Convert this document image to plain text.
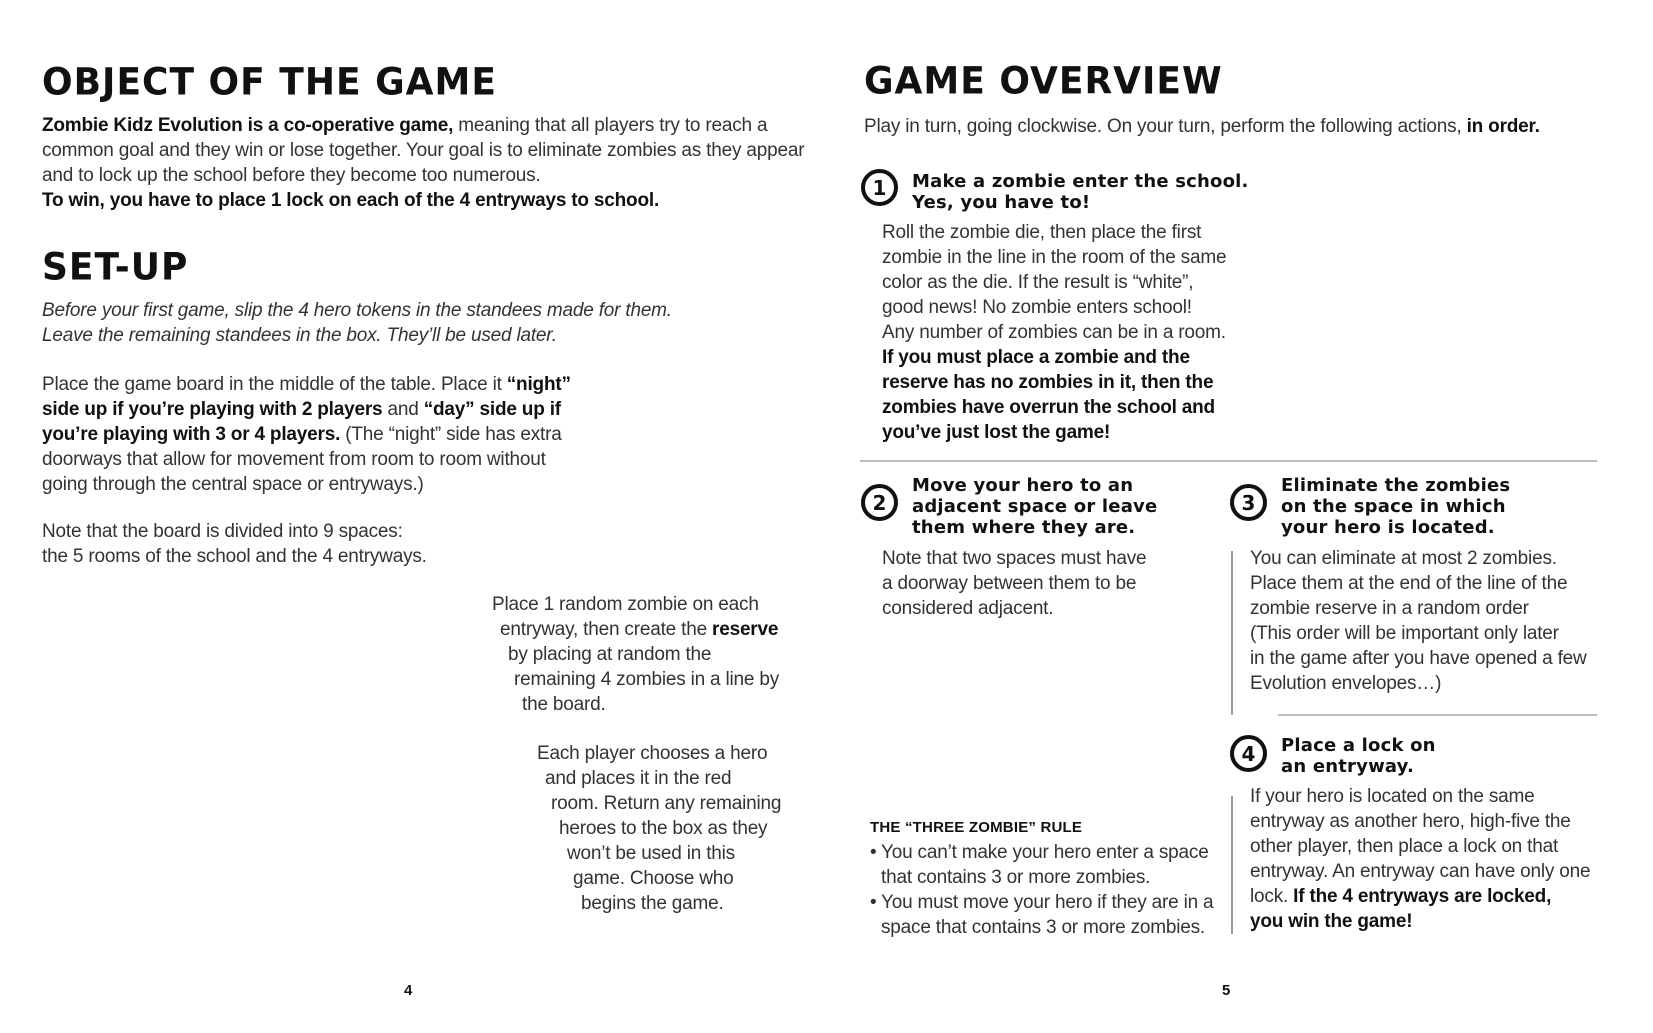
OBJECT OF THE GAME
Zombie Kidz Evolution is a co-operative game, meaning that all players try to reach a
common goal and they win or lose together. Your goal is to eliminate zombies as they appear
and to lock up the school before they become too numerous.
To win, you have to place 1 lock on each of the 4 entryways to school.
SET-UP
Before your first game, slip the 4 hero tokens in the standees made for them.
Leave the remaining standees in the box. They’ll be used later.
Place the game board in the middle of the table. Place it “night”
side up if you’re playing with 2 players and “day” side up if
you’re playing with 3 or 4 players. (The “night” side has extra
doorways that allow for movement from room to room without
going through the central space or entryways.)
Note that the board is divided into 9 spaces:
the 5 rooms of the school and the 4 entryways.
Place 1 random zombie on each
entryway, then create the reserve
by placing at random the
remaining 4 zombies in a line by
the board.
Each player chooses a hero
and places it in the red
room. Return any remaining
heroes to the box as they
won’t be used in this
game. Choose who
begins the game.
4
GAME OVERVIEW
Play in turn, going clockwise. On your turn, perform the following actions, in order.
1	Make a zombie enter the school.
Yes, you have to!
Roll the zombie die, then place the first
zombie in the line in the room of the same
color as the die. If the result is “white”,
good news! No zombie enters school!
Any number of zombies can be in a room.
If you must place a zombie and the
reserve has no zombies in it, then the
zombies have overrun the school and
you’ve just lost the game!
2
Move your hero to an
adjacent space or leave
them where they are.
Note that two spaces must have
a doorway between them to be
considered adjacent.
3
Eliminate the zombies
on the space in which
your hero is located.
You can eliminate at most 2 zombies.
Place them at the end of the line of the
zombie reserve in a random order
(This order will be important only later
in the game after you have opened a few
Evolution envelopes…)
4	Place a lock on
an entryway.
If your hero is located on the same
entryway as another hero, high-five the
other player, then place a lock on that
entryway. An entryway can have only one
lock. If the 4 entryways are locked,
you win the game!
THE “THREE ZOMBIE” RULE
• You can’t make your hero enter a space
that contains 3 or more zombies.
• You must move your hero if they are in a
space that contains 3 or more zombies.
5
